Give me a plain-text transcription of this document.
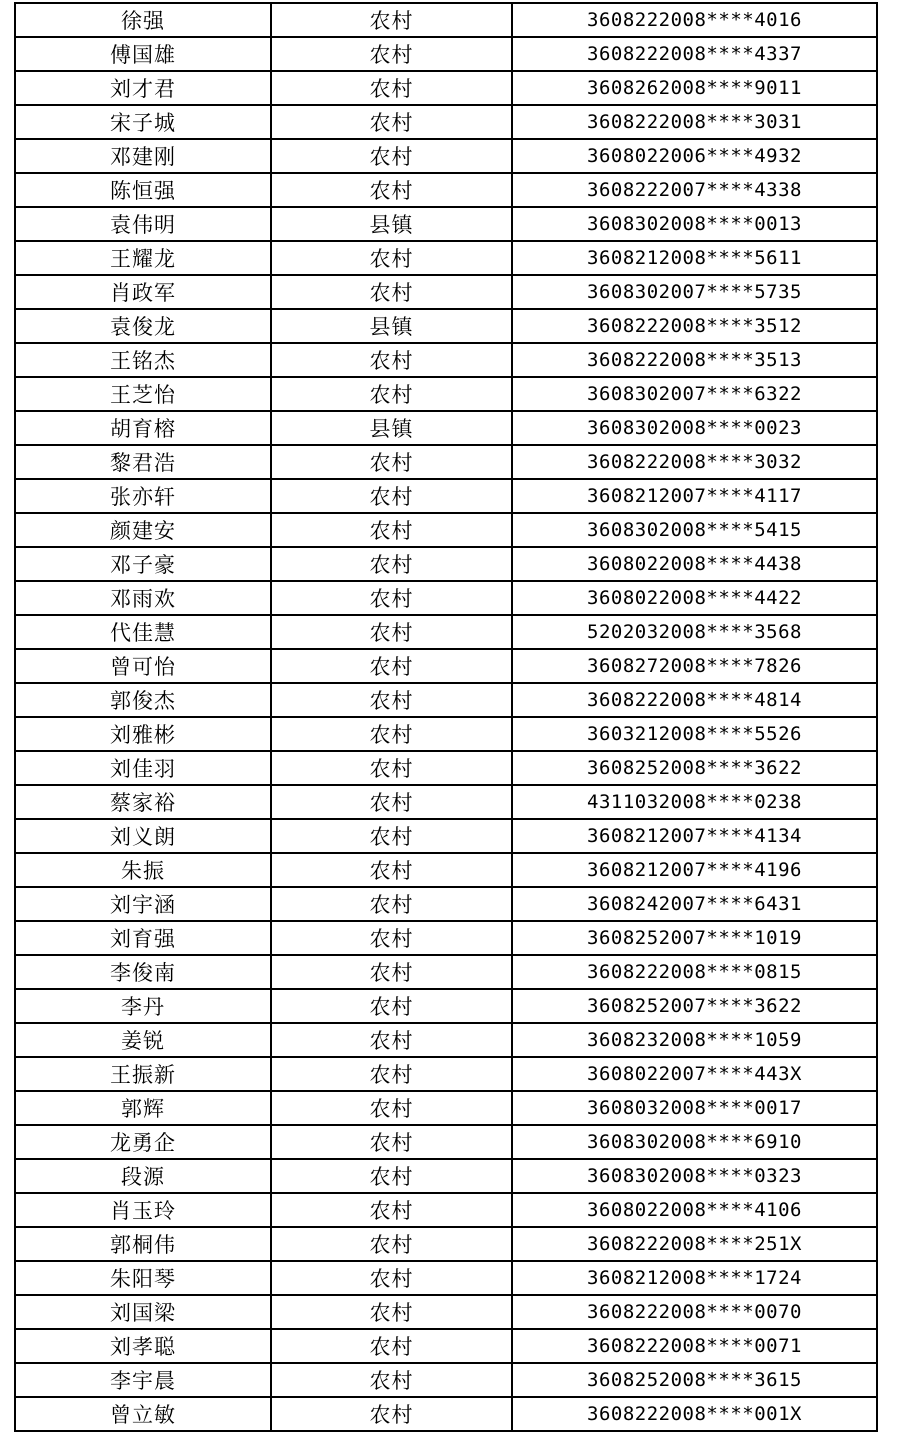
徐强	农村	3608222008****4016
傅国雄	农村	3608222008****4337
刘才君	农村	3608262008****9011
宋子城	农村	3608222008****3031
邓建刚	农村	3608022006****4932
陈恒强	农村	3608222007****4338
袁伟明	县镇	3608302008****0013
王耀龙	农村	3608212008****5611
肖政军	农村	3608302007****5735
袁俊龙	县镇	3608222008****3512
王铭杰	农村	3608222008****3513
王芝怡	农村	3608302007****6322
胡育榕	县镇	3608302008****0023
黎君浩	农村	3608222008****3032
张亦轩	农村	3608212007****4117
颜建安	农村	3608302008****5415
邓子豪	农村	3608022008****4438
邓雨欢	农村	3608022008****4422
代佳慧	农村	5202032008****3568
曾可怡	农村	3608272008****7826
郭俊杰	农村	3608222008****4814
刘雅彬	农村	3603212008****5526
刘佳羽	农村	3608252008****3622
蔡家裕	农村	4311032008****0238
刘义朗	农村	3608212007****4134
朱振	农村	3608212007****4196
刘宇涵	农村	3608242007****6431
刘育强	农村	3608252007****1019
李俊南	农村	3608222008****0815
李丹	农村	3608252007****3622
姜锐	农村	3608232008****1059
王振新	农村	3608022007****443X
郭辉	农村	3608032008****0017
龙勇企	农村	3608302008****6910
段源	农村	3608302008****0323
肖玉玲	农村	3608022008****4106
郭桐伟	农村	3608222008****251X
朱阳琴	农村	3608212008****1724
刘国梁	农村	3608222008****0070
刘孝聪	农村	3608222008****0071
李宇晨	农村	3608252008****3615
曾立敏	农村	3608222008****001X
